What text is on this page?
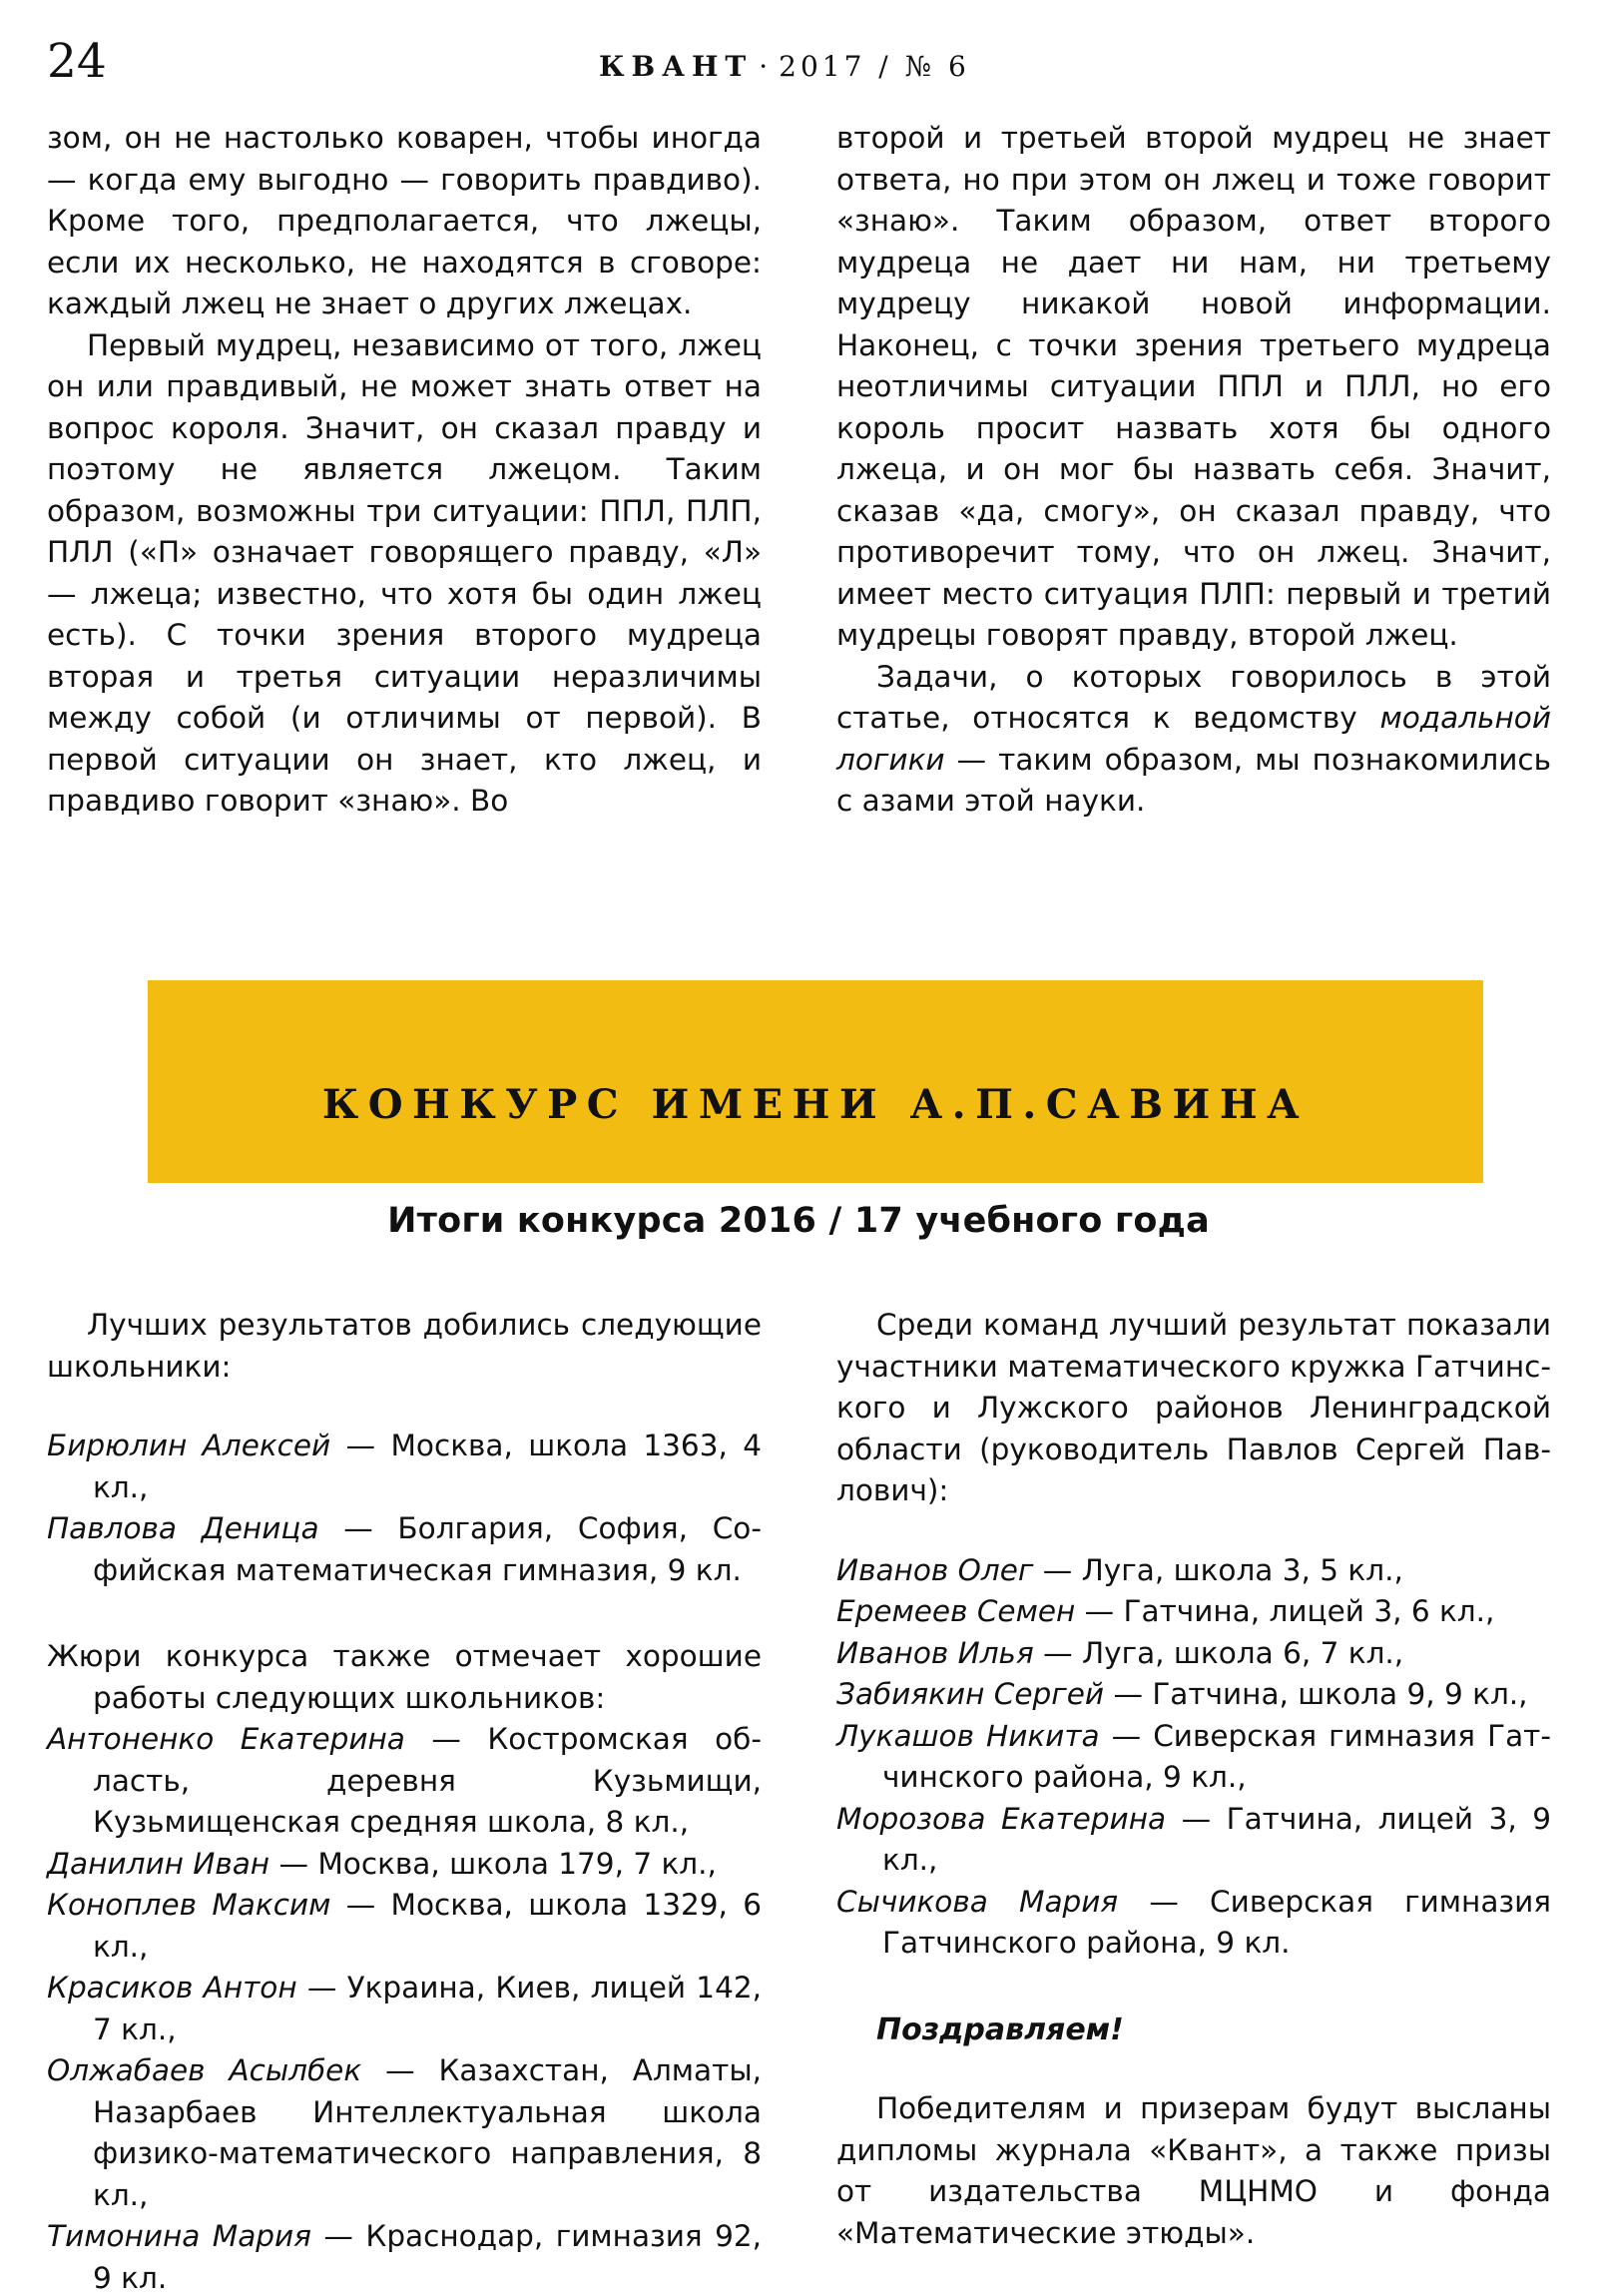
24	КВАНТ · 2017 / № 6

зом, он не настолько коварен, чтобы иногда — когда ему выгодно — говорить правдиво). Кроме того, предполагается, что лжецы, если их несколько, не находятся в сговоре: каждый лжец не знает о других лжецах.

Первый мудрец, независимо от того, лжец он или правдивый, не может знать ответ на вопрос короля. Значит, он сказал правду и поэтому не является лжецом. Таким образом, возможны три ситуации: ППЛ, ПЛП, ПЛЛ («П» означает говорящего правду, «Л» — лжеца; известно, что хотя бы один лжец есть). С точки зрения второго мудреца вторая и третья ситуации неразличимы между собой (и отличимы от первой). В первой ситуации он знает, кто лжец, и правдиво говорит «знаю». Во

второй и третьей второй мудрец не знает ответа, но при этом он лжец и тоже говорит «знаю». Таким образом, ответ второго мудреца не дает ни нам, ни третьему мудрецу никакой новой информации. Наконец, с точки зрения третьего мудреца неотличимы ситуации ППЛ и ПЛЛ, но его король просит назвать хотя бы одного лжеца, и он мог бы назвать себя. Значит, сказав «да, смогу», он сказал правду, что противоречит тому, что он лжец. Значит, имеет место ситуация ПЛП: первый и третий мудрецы говорят правду, второй лжец.

Задачи, о которых говорилось в этой статье, относятся к ведомству модальной логики — таким образом, мы познакомились с азами этой науки.

КОНКУРС ИМЕНИ А.П.САВИНА
Итоги конкурса 2016 / 17 учебного года

Лучших результатов добились следующие школьники:

Бирюлин Алексей — Москва, школа 1363, 4 кл.,

Павлова Деница — Болгария, София, Софийская математическая гимназия, 9 кл.

Жюри конкурса также отмечает хорошие работы следующих школьников:

Антоненко Екатерина — Костромская область, деревня Кузьмищи, Кузьмищенская средняя школа, 8 кл.,

Данилин Иван — Москва, школа 179, 7 кл.,

Коноплев Максим — Москва, школа 1329, 6 кл.,

Красиков Антон — Украина, Киев, лицей 142, 7 кл.,

Олжабаев Асылбек — Казахстан, Алматы, Назарбаев Интеллектуальная школа физико-математического направления, 8 кл.,

Тимонина Мария — Краснодар, гимназия 92, 9 кл.

Среди команд лучший результат показали участники математического кружка Гатчинского и Лужского районов Ленинградской области (руководитель Павлов Сергей Павлович):

Иванов Олег — Луга, школа 3, 5 кл.,

Еремеев Семен — Гатчина, лицей 3, 6 кл.,

Иванов Илья — Луга, школа 6, 7 кл.,

Забиякин Сергей — Гатчина, школа 9, 9 кл.,

Лукашов Никита — Сиверская гимназия Гатчинского района, 9 кл.,

Морозова Екатерина — Гатчина, лицей 3, 9 кл.,

Сычикова Мария — Сиверская гимназия Гатчинского района, 9 кл.

Поздравляем!

Победителям и призерам будут высланы дипломы журнала «Квант», а также призы от издательства МЦНМО и фонда «Математические этюды».
